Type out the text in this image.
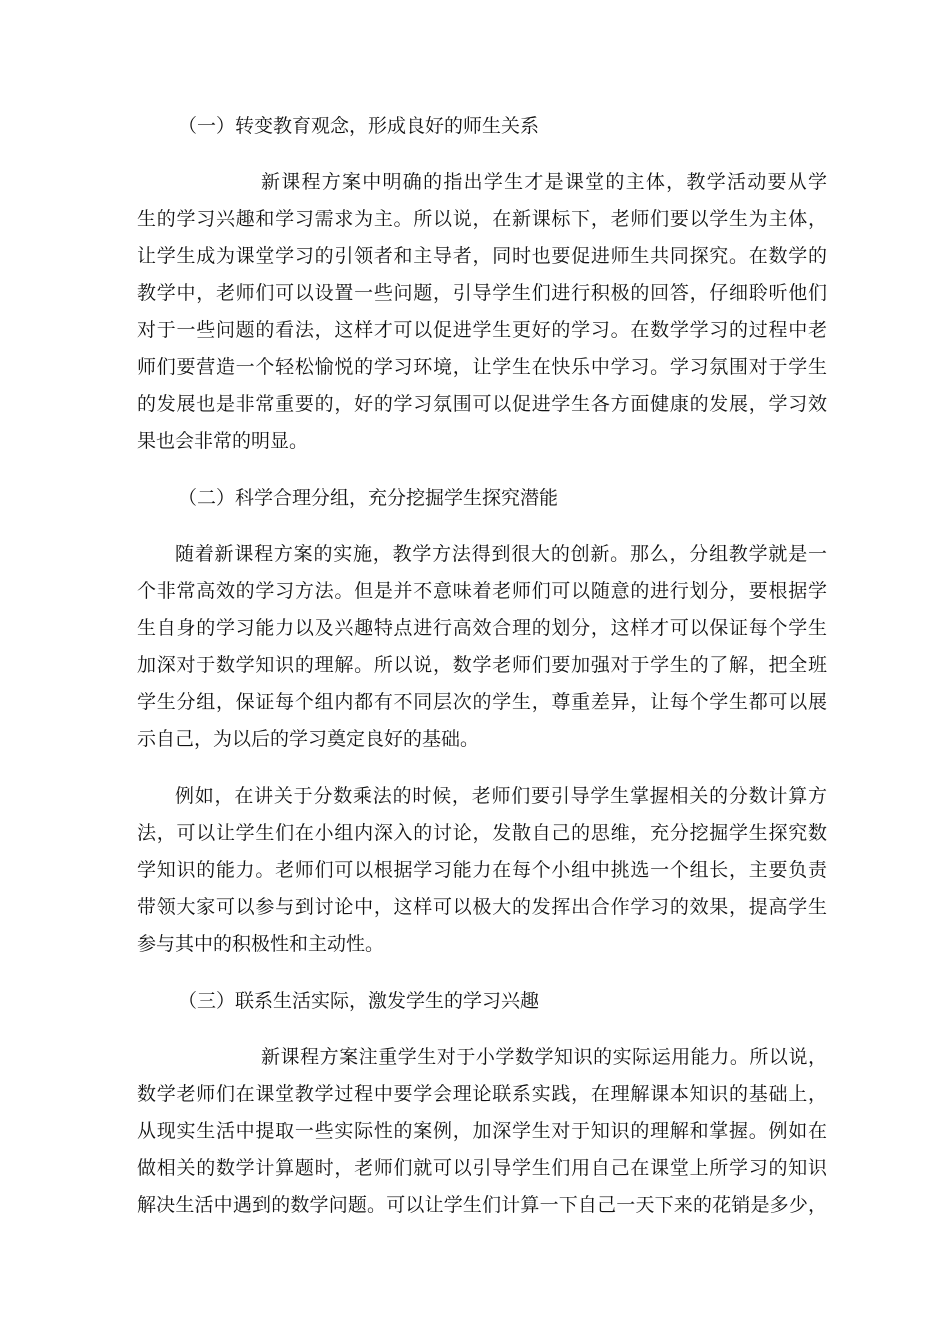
（一）转变教育观念，形成良好的师生关系
新课程方案中明确的指出学生才是课堂的主体，教学活动要从学
生的学习兴趣和学习需求为主。所以说，在新课标下，老师们要以学生为主体，
让学生成为课堂学习的引领者和主导者，同时也要促进师生共同探究。在数学的
教学中，老师们可以设置一些问题，引导学生们进行积极的回答，仔细聆听他们
对于一些问题的看法，这样才可以促进学生更好的学习。在数学学习的过程中老
师们要营造一个轻松愉悦的学习环境，让学生在快乐中学习。学习氛围对于学生
的发展也是非常重要的，好的学习氛围可以促进学生各方面健康的发展，学习效
果也会非常的明显。
（二）科学合理分组，充分挖掘学生探究潜能
随着新课程方案的实施，教学方法得到很大的创新。那么，分组教学就是一
个非常高效的学习方法。但是并不意味着老师们可以随意的进行划分，要根据学
生自身的学习能力以及兴趣特点进行高效合理的划分，这样才可以保证每个学生
加深对于数学知识的理解。所以说，数学老师们要加强对于学生的了解，把全班
学生分组，保证每个组内都有不同层次的学生，尊重差异，让每个学生都可以展
示自己，为以后的学习奠定良好的基础。
例如，在讲关于分数乘法的时候，老师们要引导学生掌握相关的分数计算方
法，可以让学生们在小组内深入的讨论，发散自己的思维，充分挖掘学生探究数
学知识的能力。老师们可以根据学习能力在每个小组中挑选一个组长，主要负责
带领大家可以参与到讨论中，这样可以极大的发挥出合作学习的效果，提高学生
参与其中的积极性和主动性。
（三）联系生活实际，激发学生的学习兴趣
新课程方案注重学生对于小学数学知识的实际运用能力。所以说，
数学老师们在课堂教学过程中要学会理论联系实践，在理解课本知识的基础上，
从现实生活中提取一些实际性的案例，加深学生对于知识的理解和掌握。例如在
做相关的数学计算题时，老师们就可以引导学生们用自己在课堂上所学习的知识
解决生活中遇到的数学问题。可以让学生们计算一下自己一天下来的花销是多少，
